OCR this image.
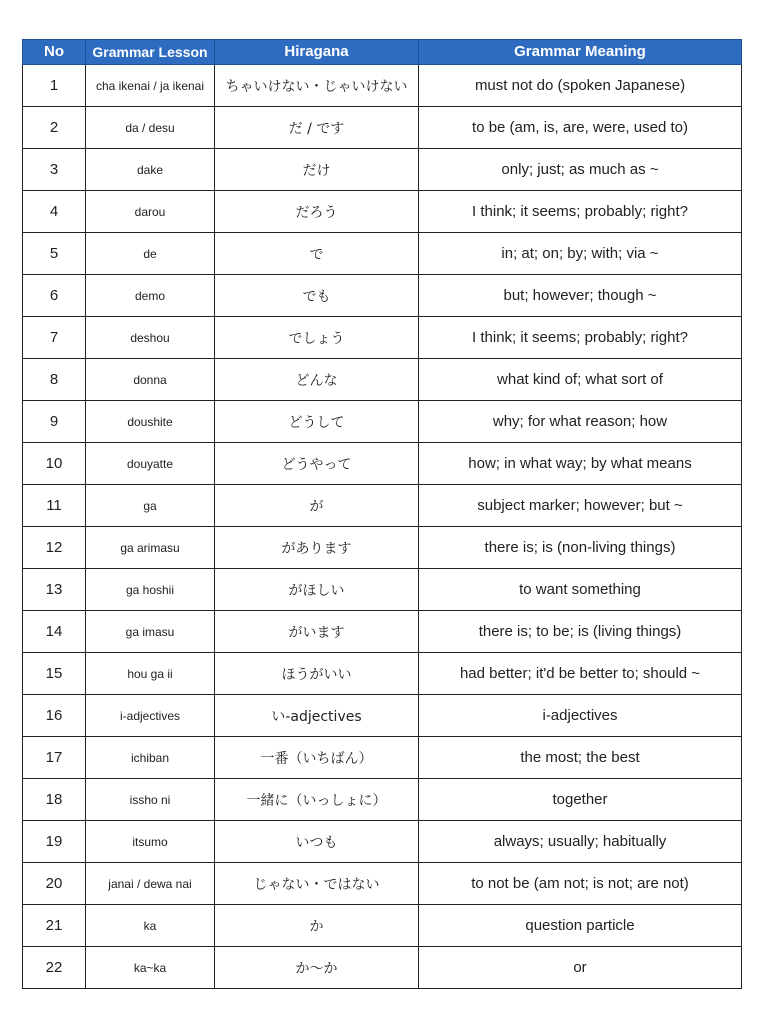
No	Grammar Lesson	Hiragana	Grammar Meaning
1	cha ikenai / ja ikenai	ちゃいけない・じゃいけない	must not do (spoken Japanese)
2	da / desu	だ / です	to be (am, is, are, were, used to)
3	dake	だけ	only; just; as much as ~
4	darou	だろう	I think; it seems; probably; right?
5	de	で	in; at; on; by; with; via ~
6	demo	でも	but; however; though ~
7	deshou	でしょう	I think; it seems; probably; right?
8	donna	どんな	what kind of; what sort of
9	doushite	どうして	why; for what reason; how
10	douyatte	どうやって	how; in what way; by what means
11	ga	が	subject marker; however; but ~
12	ga arimasu	があります	there is; is (non-living things)
13	ga hoshii	がほしい	to want something
14	ga imasu	がいます	there is; to be; is (living things)
15	hou ga ii	ほうがいい	had better; it'd be better to; should ~
16	i-adjectives	い-adjectives	i-adjectives
17	ichiban	一番（いちばん）	the most; the best
18	issho ni	一緒に（いっしょに）	together
19	itsumo	いつも	always; usually; habitually
20	janai / dewa nai	じゃない・ではない	to not be (am not; is not; are not)
21	ka	か	question particle
22	ka~ka	か〜か	or
